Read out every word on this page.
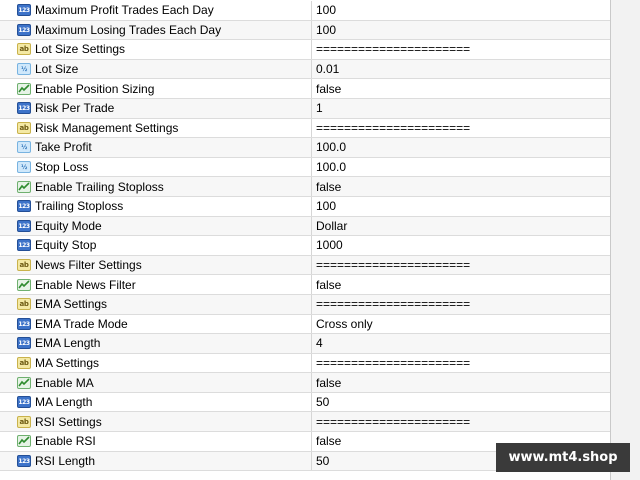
123 Maximum Profit Trades Each Day	100
123 Maximum Losing Trades Each Day	100
ab Lot Size Settings	======================
½ Lot Size	0.01
Enable Position Sizing	false
123 Risk Per Trade	1
ab Risk Management Settings	======================
½ Take Profit	100.0
½ Stop Loss	100.0
Enable Trailing Stoploss	false
123 Trailing Stoploss	100
123 Equity Mode	Dollar
123 Equity Stop	1000
ab News Filter Settings	======================
Enable News Filter	false
ab EMA Settings	======================
123 EMA Trade Mode	Cross only
123 EMA Length	4
ab MA Settings	======================
Enable MA	false
123 MA Length	50
ab RSI Settings	======================
Enable RSI	false
123 RSI Length	50	www.mt4.shop
